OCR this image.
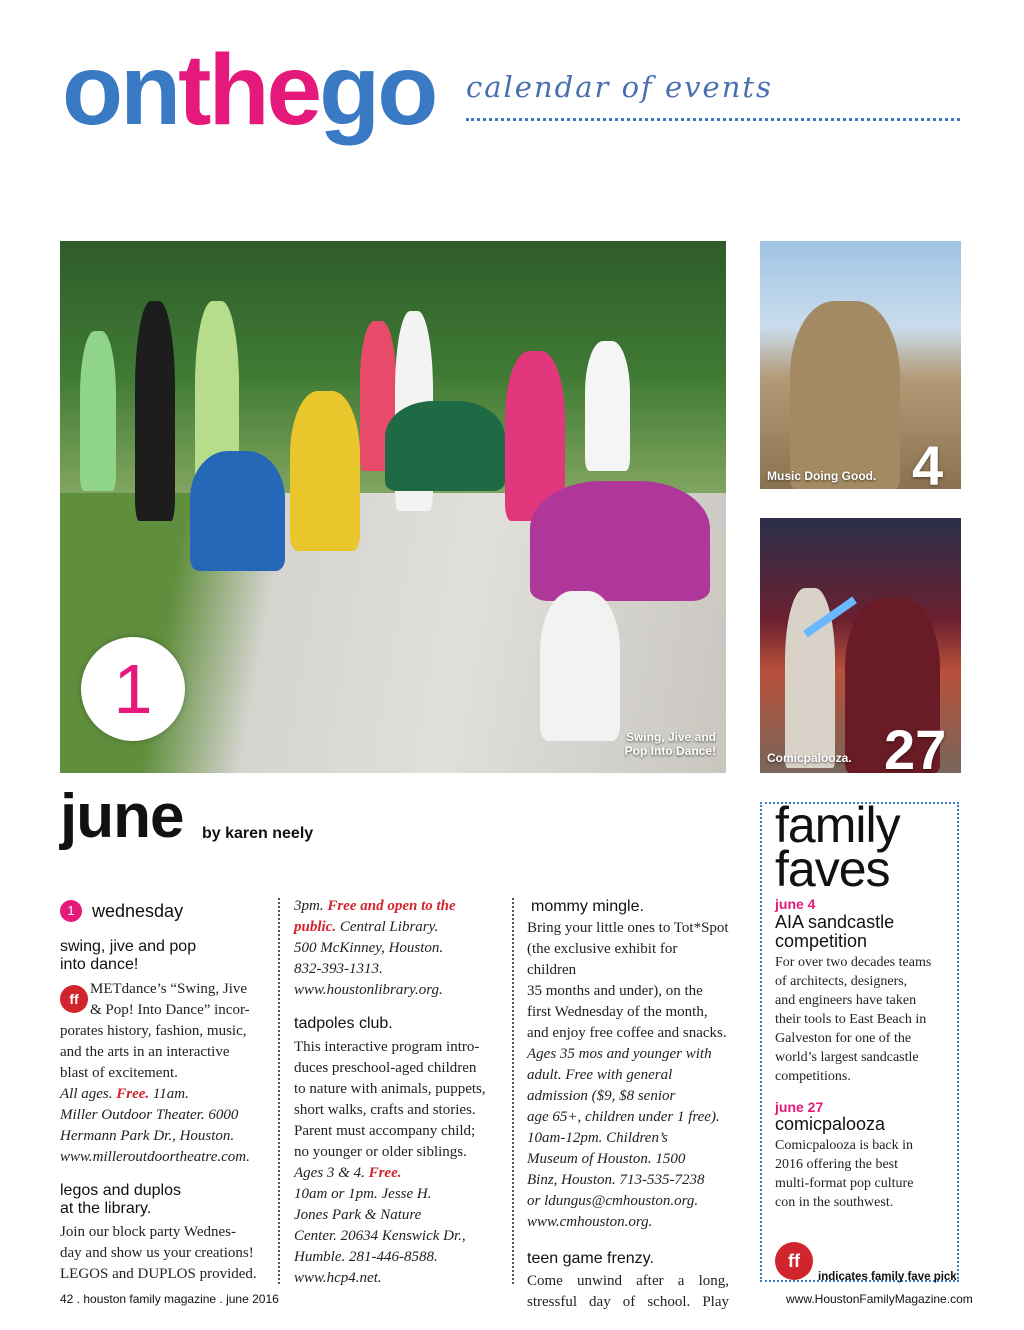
onthego calendar of events
Swing, Jive and
Pop Into Dance!
1
Music Doing Good. 4
Comicpalooza. 27
june by karen neely
1 wednesday
swing, jive and pop
into dance!
ff

METdance’s “Swing, Jive

& Pop! Into Dance” incor-

porates history, fashion, music,

and the arts in an interactive

blast of excitement.

All ages. Free. 11am.

Miller Outdoor Theater. 6000

Hermann Park Dr., Houston.

www.milleroutdoortheatre.com.

legos and duplos
at the library.

Join our block party Wednes-

day and show us your creations!

LEGOS and DUPLOS provided.

3pm. Free and open to the

public. Central Library.

500 McKinney, Houston.

832-393-1313.

www.houstonlibrary.org.

tadpoles club.

This interactive program intro-

duces preschool-aged children

to nature with animals, puppets,

short walks, crafts and stories.

Parent must accompany child;

no younger or older siblings.

Ages 3 & 4. Free.

10am or 1pm. Jesse H.

Jones Park & Nature

Center. 20634 Kenswick Dr.,

Humble. 281-446-8588.

www.hcp4.net.

mommy mingle.

Bring your little ones to Tot*Spot

(the exclusive exhibit for children

35 months and under), on the

first Wednesday of the month,

and enjoy free coffee and snacks.

Ages 35 mos and younger with

adult. Free with general

admission ($9, $8 senior

age 65+, children under 1 free).

10am-12pm. Children’s

Museum of Houston. 1500

Binz, Houston. 713-535-7238

or ldungus@cmhouston.org.

www.cmhouston.org.

teen game frenzy.

Come unwind after a long,

stressful day of school. Play

family
faves
june 4
AIA sandcastle
competition
For over two decades teams
of architects, designers,
and engineers have taken
their tools to East Beach in
Galveston for one of the
world’s largest sandcastle
competitions.
june 27
comicpalooza
Comicpalooza is back in
2016 offering the best
multi-format pop culture
con in the southwest.
ff
indicates family fave pick
42 . houston family magazine . june 2016	www.HoustonFamilyMagazine.com
